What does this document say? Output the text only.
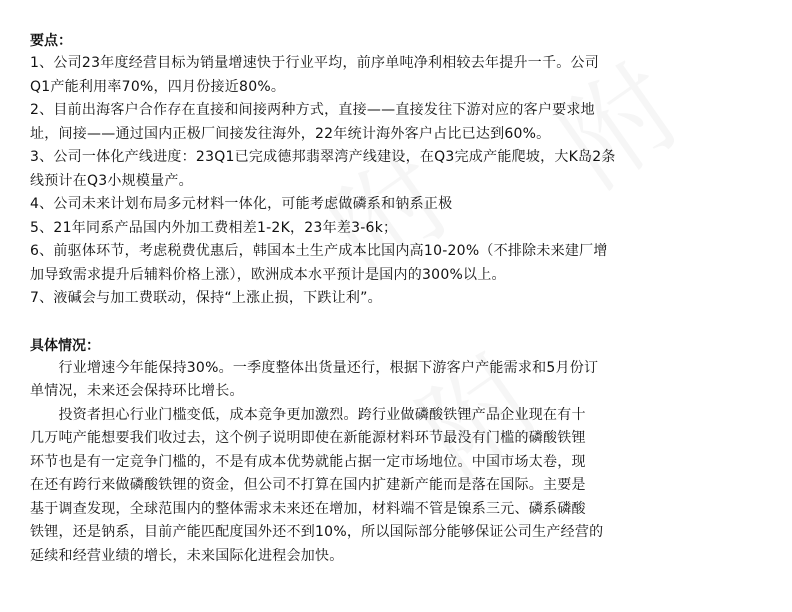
要点：

1、公司23年度经营目标为销量增速快于行业平均，前序单吨净利相较去年提升一千。公司

Q1产能利用率70%，四月份接近80%。

2、目前出海客户合作存在直接和间接两种方式，直接——直接发往下游对应的客户要求地

址，间接——通过国内正极厂间接发往海外，22年统计海外客户占比已达到60%。

3、公司一体化产线进度：23Q1已完成德邦翡翠湾产线建设，在Q3完成产能爬坡，大K岛2条

线预计在Q3小规模量产。

4、公司未来计划布局多元材料一体化，可能考虑做磷系和钠系正极

5、21年同系产品国内外加工费相差1-2K，23年差3-6k；

6、前驱体环节，考虑税费优惠后，韩国本土生产成本比国内高10-20%（不排除未来建厂增

加导致需求提升后辅料价格上涨），欧洲成本水平预计是国内的300%以上。

7、液碱会与加工费联动，保持“上涨止损，下跌让利”。

具体情况：

　　行业增速今年能保持30%。一季度整体出货量还行，根据下游客户产能需求和5月份订

单情况，未来还会保持环比增长。

　　投资者担心行业门槛变低，成本竞争更加激烈。跨行业做磷酸铁锂产品企业现在有十

几万吨产能想要我们收过去，这个例子说明即使在新能源材料环节最没有门槛的磷酸铁锂

环节也是有一定竞争门槛的，不是有成本优势就能占据一定市场地位。中国市场太卷，现

在还有跨行来做磷酸铁锂的资金，但公司不打算在国内扩建新产能而是落在国际。主要是

基于调查发现，全球范围内的整体需求未来还在增加，材料端不管是镍系三元、磷系磷酸

铁锂，还是钠系，目前产能匹配度国外还不到10%，所以国际部分能够保证公司生产经营的

延续和经营业绩的增长，未来国际化进程会加快。
